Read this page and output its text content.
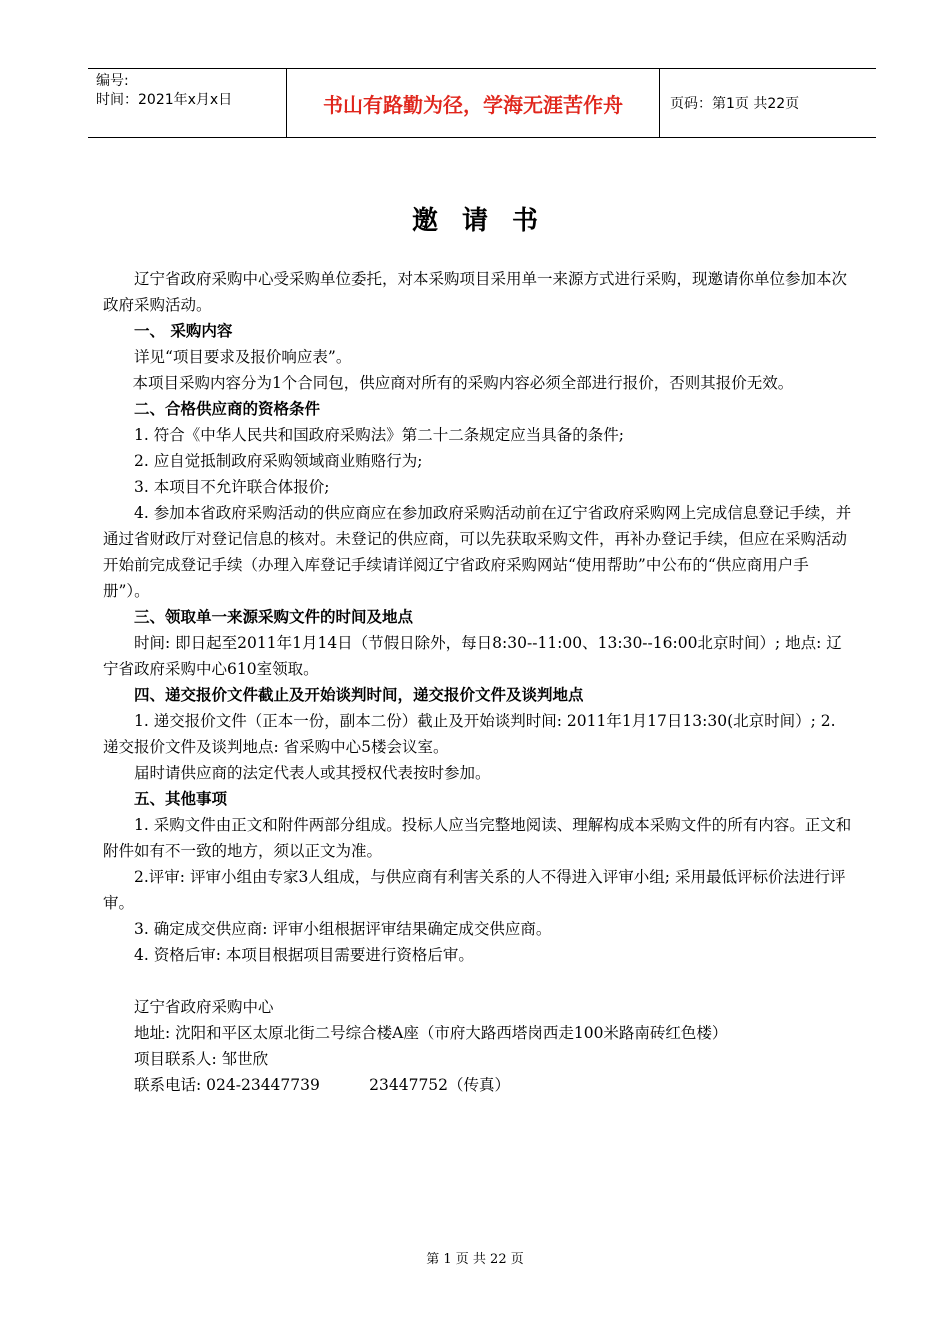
编号:
时间：2021年x月x日	书山有路勤为径，学海无涯苦作舟	页码：第1页 共22页
邀请书

辽宁省政府采购中心受采购单位委托，对本采购项目采用单一来源方式进行采购，现邀请你单位参加本次政府采购活动。

一、 采购内容

详见“项目要求及报价响应表”。

本项目采购内容分为1个合同包，供应商对所有的采购内容必须全部进行报价，否则其报价无效。

二、合格供应商的资格条件

1. 符合《中华人民共和国政府采购法》第二十二条规定应当具备的条件;

2. 应自觉抵制政府采购领域商业贿赂行为;

3. 本项目不允许联合体报价;

4. 参加本省政府采购活动的供应商应在参加政府采购活动前在辽宁省政府采购网上完成信息登记手续，并通过省财政厅对登记信息的核对。未登记的供应商，可以先获取采购文件，再补办登记手续，但应在采购活动开始前完成登记手续（办理入库登记手续请详阅辽宁省政府采购网站“使用帮助”中公布的“供应商用户手册”）。

三、领取单一来源采购文件的时间及地点

时间: 即日起至2011年1月14日（节假日除外，每日8:30--11:00、13:30--16:00北京时间）; 地点: 辽宁省政府采购中心610室领取。

四、递交报价文件截止及开始谈判时间，递交报价文件及谈判地点

1. 递交报价文件（正本一份，副本二份）截止及开始谈判时间: 2011年1月17日13:30(北京时间）; 2. 递交报价文件及谈判地点: 省采购中心5楼会议室。

届时请供应商的法定代表人或其授权代表按时参加。

五、其他事项

1. 采购文件由正文和附件两部分组成。投标人应当完整地阅读、理解构成本采购文件的所有内容。正文和附件如有不一致的地方，须以正文为准。

2.评审: 评审小组由专家3人组成，与供应商有利害关系的人不得进入评审小组; 采用最低评标价法进行评审。

3. 确定成交供应商: 评审小组根据评审结果确定成交供应商。

4. 资格后审: 本项目根据项目需要进行资格后审。

辽宁省政府采购中心

地址: 沈阳和平区太原北街二号综合楼A座（市府大路西塔岗西走100米路南砖红色楼）

项目联系人: 邹世欣

联系电话: 024-23447739          23447752（传真）

第 1 页 共 22 页
